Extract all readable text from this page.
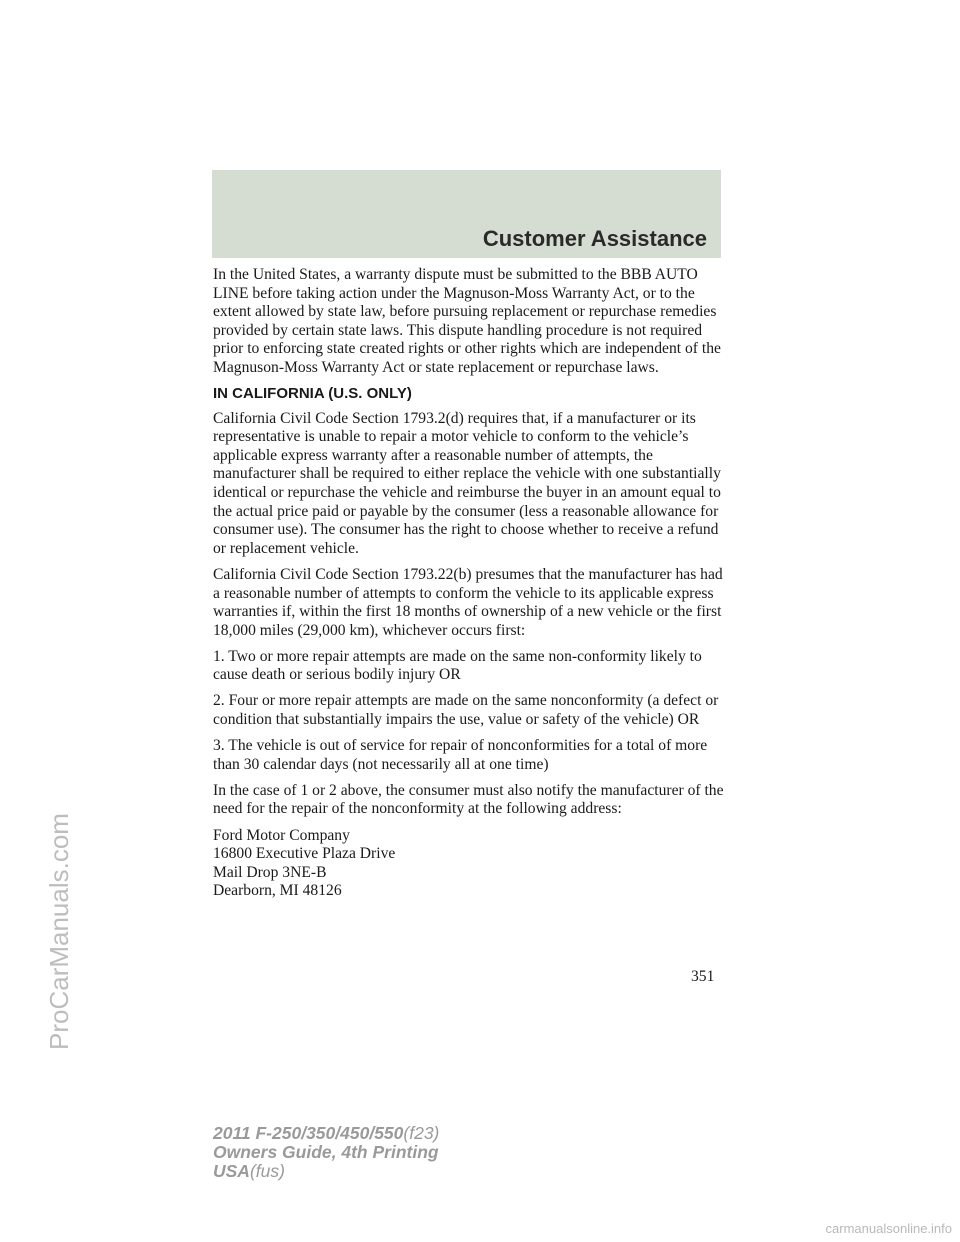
Customer Assistance

In the United States, a warranty dispute must be submitted to the BBB AUTO LINE before taking action under the Magnuson-Moss Warranty Act, or to the extent allowed by state law, before pursuing replacement or repurchase remedies provided by certain state laws. This dispute handling procedure is not required prior to enforcing state created rights or other rights which are independent of the Magnuson-Moss Warranty Act or state replacement or repurchase laws.

IN CALIFORNIA (U.S. ONLY)

California Civil Code Section 1793.2(d) requires that, if a manufacturer or its representative is unable to repair a motor vehicle to conform to the vehicle’s applicable express warranty after a reasonable number of attempts, the manufacturer shall be required to either replace the vehicle with one substantially identical or repurchase the vehicle and reimburse the buyer in an amount equal to the actual price paid or payable by the consumer (less a reasonable allowance for consumer use). The consumer has the right to choose whether to receive a refund or replacement vehicle.

California Civil Code Section 1793.22(b) presumes that the manufacturer has had a reasonable number of attempts to conform the vehicle to its applicable express warranties if, within the first 18 months of ownership of a new vehicle or the first 18,000 miles (29,000 km), whichever occurs first:

1. Two or more repair attempts are made on the same non-conformity likely to cause death or serious bodily injury OR

2. Four or more repair attempts are made on the same nonconformity (a defect or condition that substantially impairs the use, value or safety of the vehicle) OR

3. The vehicle is out of service for repair of nonconformities for a total of more than 30 calendar days (not necessarily all at one time)

In the case of 1 or 2 above, the consumer must also notify the manufacturer of the need for the repair of the nonconformity at the following address:

Ford Motor Company
16800 Executive Plaza Drive
Mail Drop 3NE-B
Dearborn, MI 48126

351
2011 F-250/350/450/550(f23)
Owners Guide, 4th Printing
USA(fus)
ProCarManuals.com
carmanualsonline.info
